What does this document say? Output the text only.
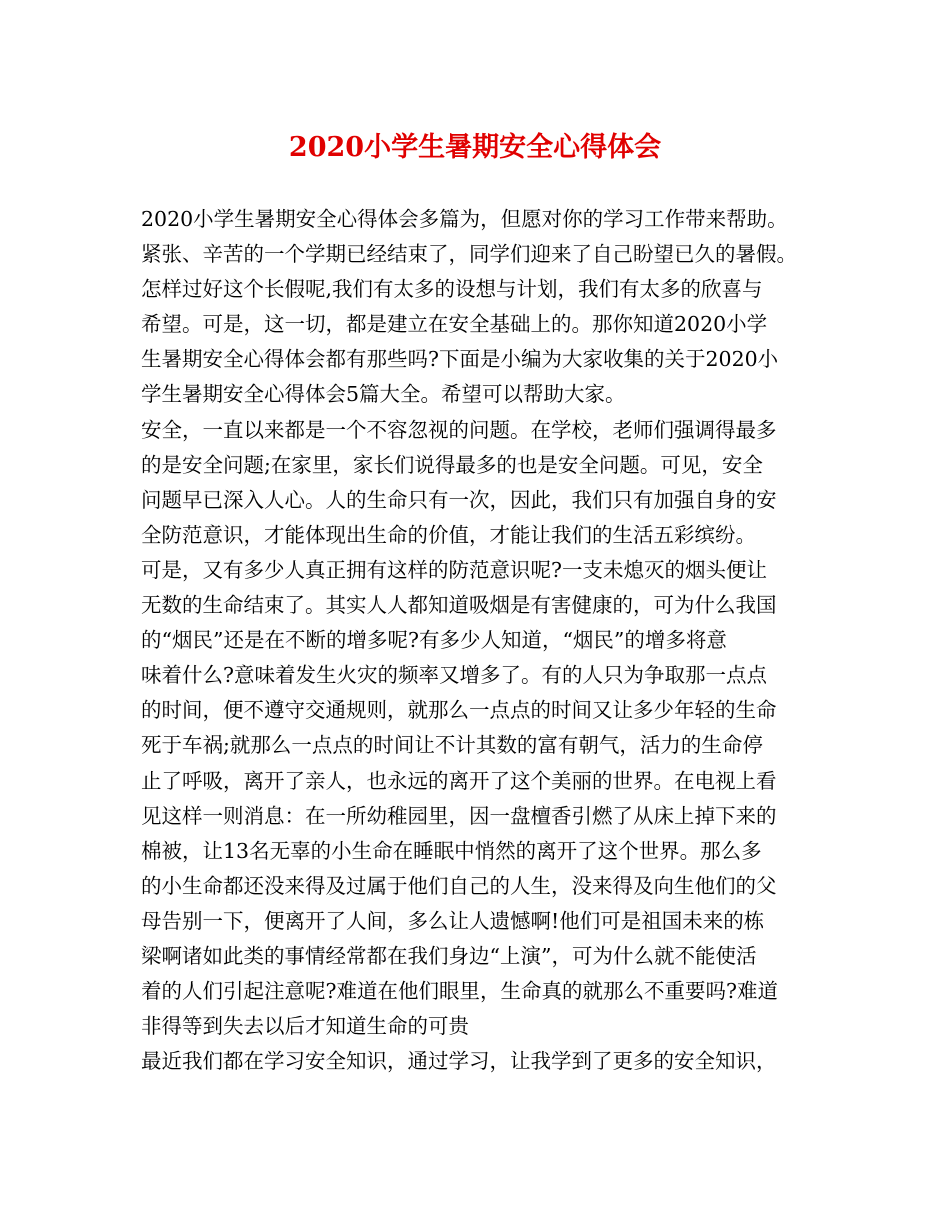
2020小学生暑期安全心得体会
2020小学生暑期安全心得体会多篇为，但愿对你的学习工作带来帮助。
紧张、辛苦的一个学期已经结束了，同学们迎来了自己盼望已久的暑假。
怎样过好这个长假呢,我们有太多的设想与计划，我们有太多的欣喜与
希望。可是，这一切，都是建立在安全基础上的。那你知道2020小学
生暑期安全心得体会都有那些吗?下面是小编为大家收集的关于2020小
学生暑期安全心得体会5篇大全。希望可以帮助大家。
安全，一直以来都是一个不容忽视的问题。在学校，老师们强调得最多
的是安全问题;在家里，家长们说得最多的也是安全问题。可见，安全
问题早已深入人心。人的生命只有一次，因此，我们只有加强自身的安
全防范意识，才能体现出生命的价值，才能让我们的生活五彩缤纷。
可是，又有多少人真正拥有这样的防范意识呢?一支未熄灭的烟头便让
无数的生命结束了。其实人人都知道吸烟是有害健康的，可为什么我国
的“烟民”还是在不断的增多呢?有多少人知道，“烟民”的增多将意
味着什么?意味着发生火灾的频率又增多了。有的人只为争取那一点点
的时间，便不遵守交通规则，就那么一点点的时间又让多少年轻的生命
死于车祸;就那么一点点的时间让不计其数的富有朝气，活力的生命停
止了呼吸，离开了亲人，也永远的离开了这个美丽的世界。在电视上看
见这样一则消息：在一所幼稚园里，因一盘檀香引燃了从床上掉下来的
棉被，让13名无辜的小生命在睡眠中悄然的离开了这个世界。那么多
的小生命都还没来得及过属于他们自己的人生，没来得及向生他们的父
母告别一下，便离开了人间，多么让人遗憾啊!他们可是祖国未来的栋
梁啊诸如此类的事情经常都在我们身边“上演”，可为什么就不能使活
着的人们引起注意呢?难道在他们眼里，生命真的就那么不重要吗?难道
非得等到失去以后才知道生命的可贵
最近我们都在学习安全知识，通过学习，让我学到了更多的安全知识，
